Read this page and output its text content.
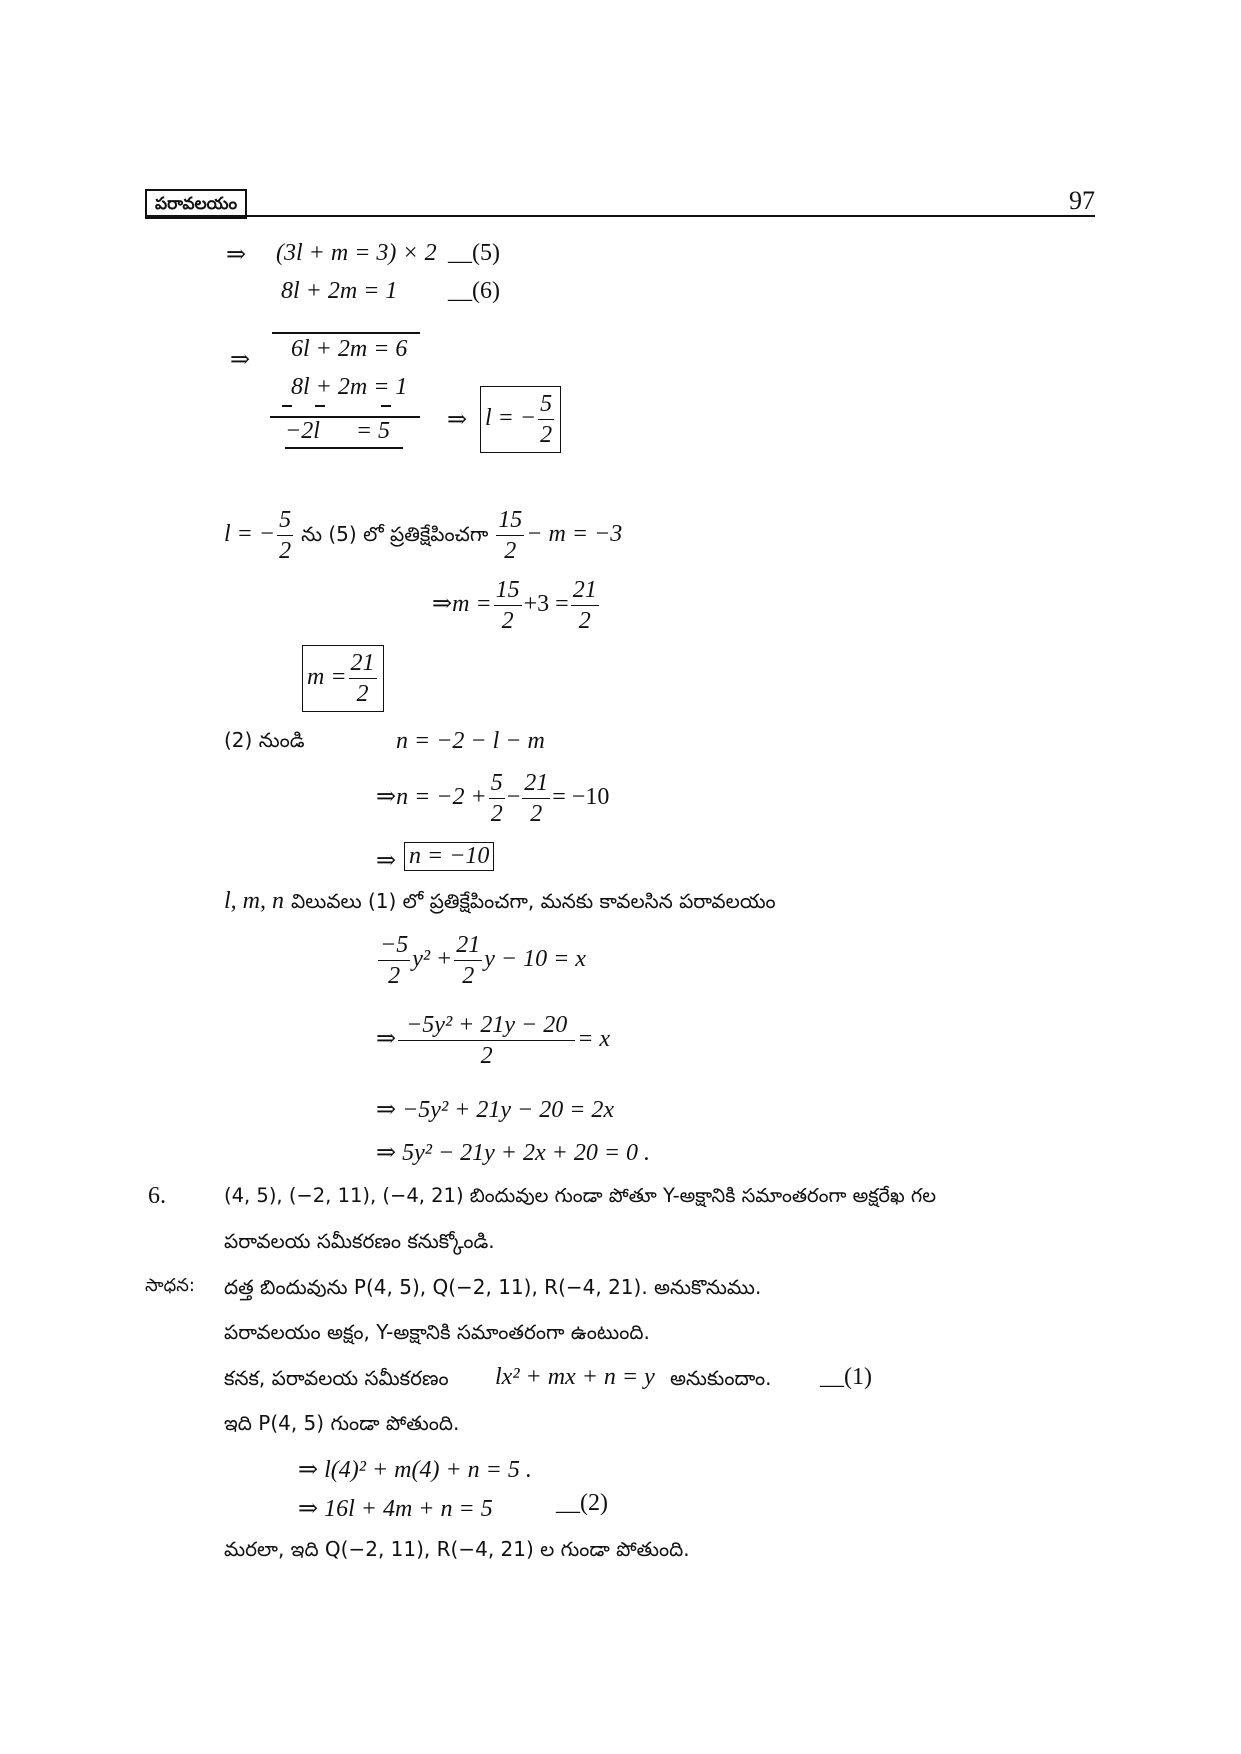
పరావలయం	97
⇒ (3l + m = 3) × 2 __(5)
8l + 2m = 1 __(6)
⇒ 6l + 2m = 6
8l + 2m = 1
−2l      = 5 ⇒ l = − $\frac{5}{2}$
l = − $\frac{5}{2}$ ను (5) లో ప్రతిక్షేపించగా $\frac{15}{2} - m = -3$
⇒m = $\frac{15}{2} +3 = \frac{21}{2}$
$m = \frac{21}{2}$
(2) నుండి	n = −2 − l − m
⇒n = $-2 + \frac{5}{2} - \frac{21}{2} = -10$
⇒ n = −10
l, m, n విలువలు (1) లో ప్రతిక్షేపించగా, మనకు కావలసిన పరావలయం
$\frac{-5}{2} y^2 + \frac{21}{2}$ y − 10 = x
⇒ $\frac{\text{−5y² + 21y − 20}}{2} = x$
⇒ −5y² + 21y − 20 = 2x
⇒ 5y² − 21y + 2x + 20 = 0 .
6.	(4, 5), (−2, 11), (−4, 21) బిందువుల గుండా పోతూ Y-అక్షానికి సమాంతరంగా అక్షరేఖ గల
పరావలయ సమీకరణం కనుక్కోండి.
సాధన: దత్త బిందువును P(4, 5), Q(−2, 11), R(−4, 21). అనుకొనుము.
పరావలయం అక్షం, Y-అక్షానికి సమాంతరంగా ఉంటుంది.
కనక, పరావలయ సమీకరణం lx² + mx + n = y అనుకుందాం. __(1)
ఇది P(4, 5) గుండా పోతుంది.
⇒ l(4)² + m(4) + n = 5 .
⇒ 16l + 4m + n = 5	__(2)
మరలా, ఇది Q(−2, 11), R(−4, 21) ల గుండా పోతుంది.
